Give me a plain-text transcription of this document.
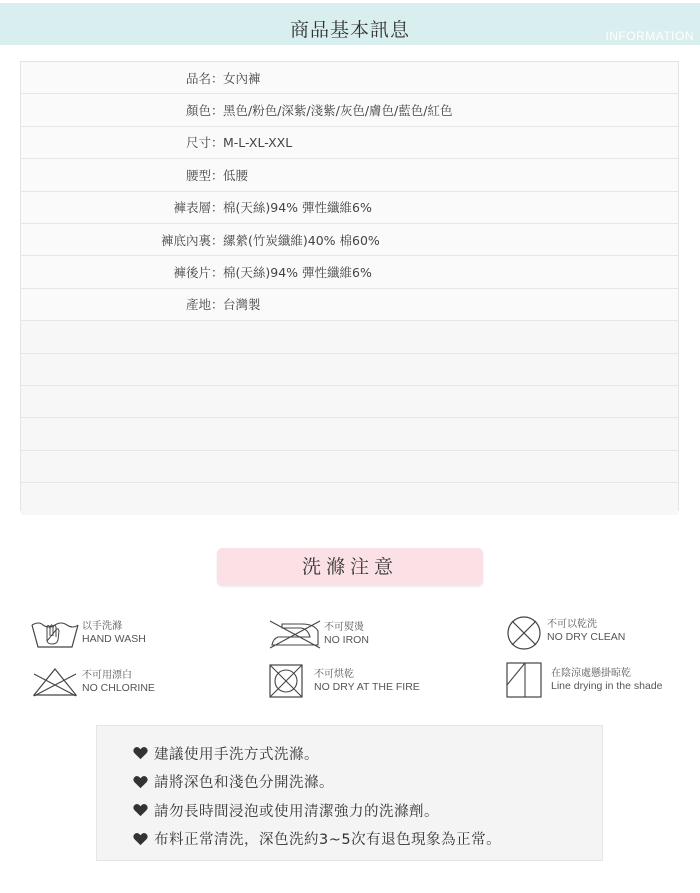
商品基本訊息	INFORMATION
品名 ： 女內褲
顏色 ： 黑色/粉色/深紫/淺紫/灰色/膚色/藍色/紅色
尺寸 ： M-L-XL-XXL
腰型 ： 低腰
褲表層 ： 棉(天絲)94% 彈性纖維6%
褲底內裏 ： 縲縈(竹炭纖維)40% 棉60%
褲後片 ： 棉(天絲)94% 彈性纖維6%
產地 ： 台灣製
洗滌注意
以手洗滌
HAND WASH
不可熨燙
NO IRON
不可以乾洗
NO DRY CLEAN
不可用漂白
NO CHLORINE
不可烘乾
NO DRY AT THE FIRE
在陰涼處懸掛晾乾
Line drying in the shade
建議使用手洗方式洗滌。
請將深色和淺色分開洗滌。
請勿長時間浸泡或使用清潔強力的洗滌劑。
布料正常清洗，深色洗約3~5次有退色現象為正常。
